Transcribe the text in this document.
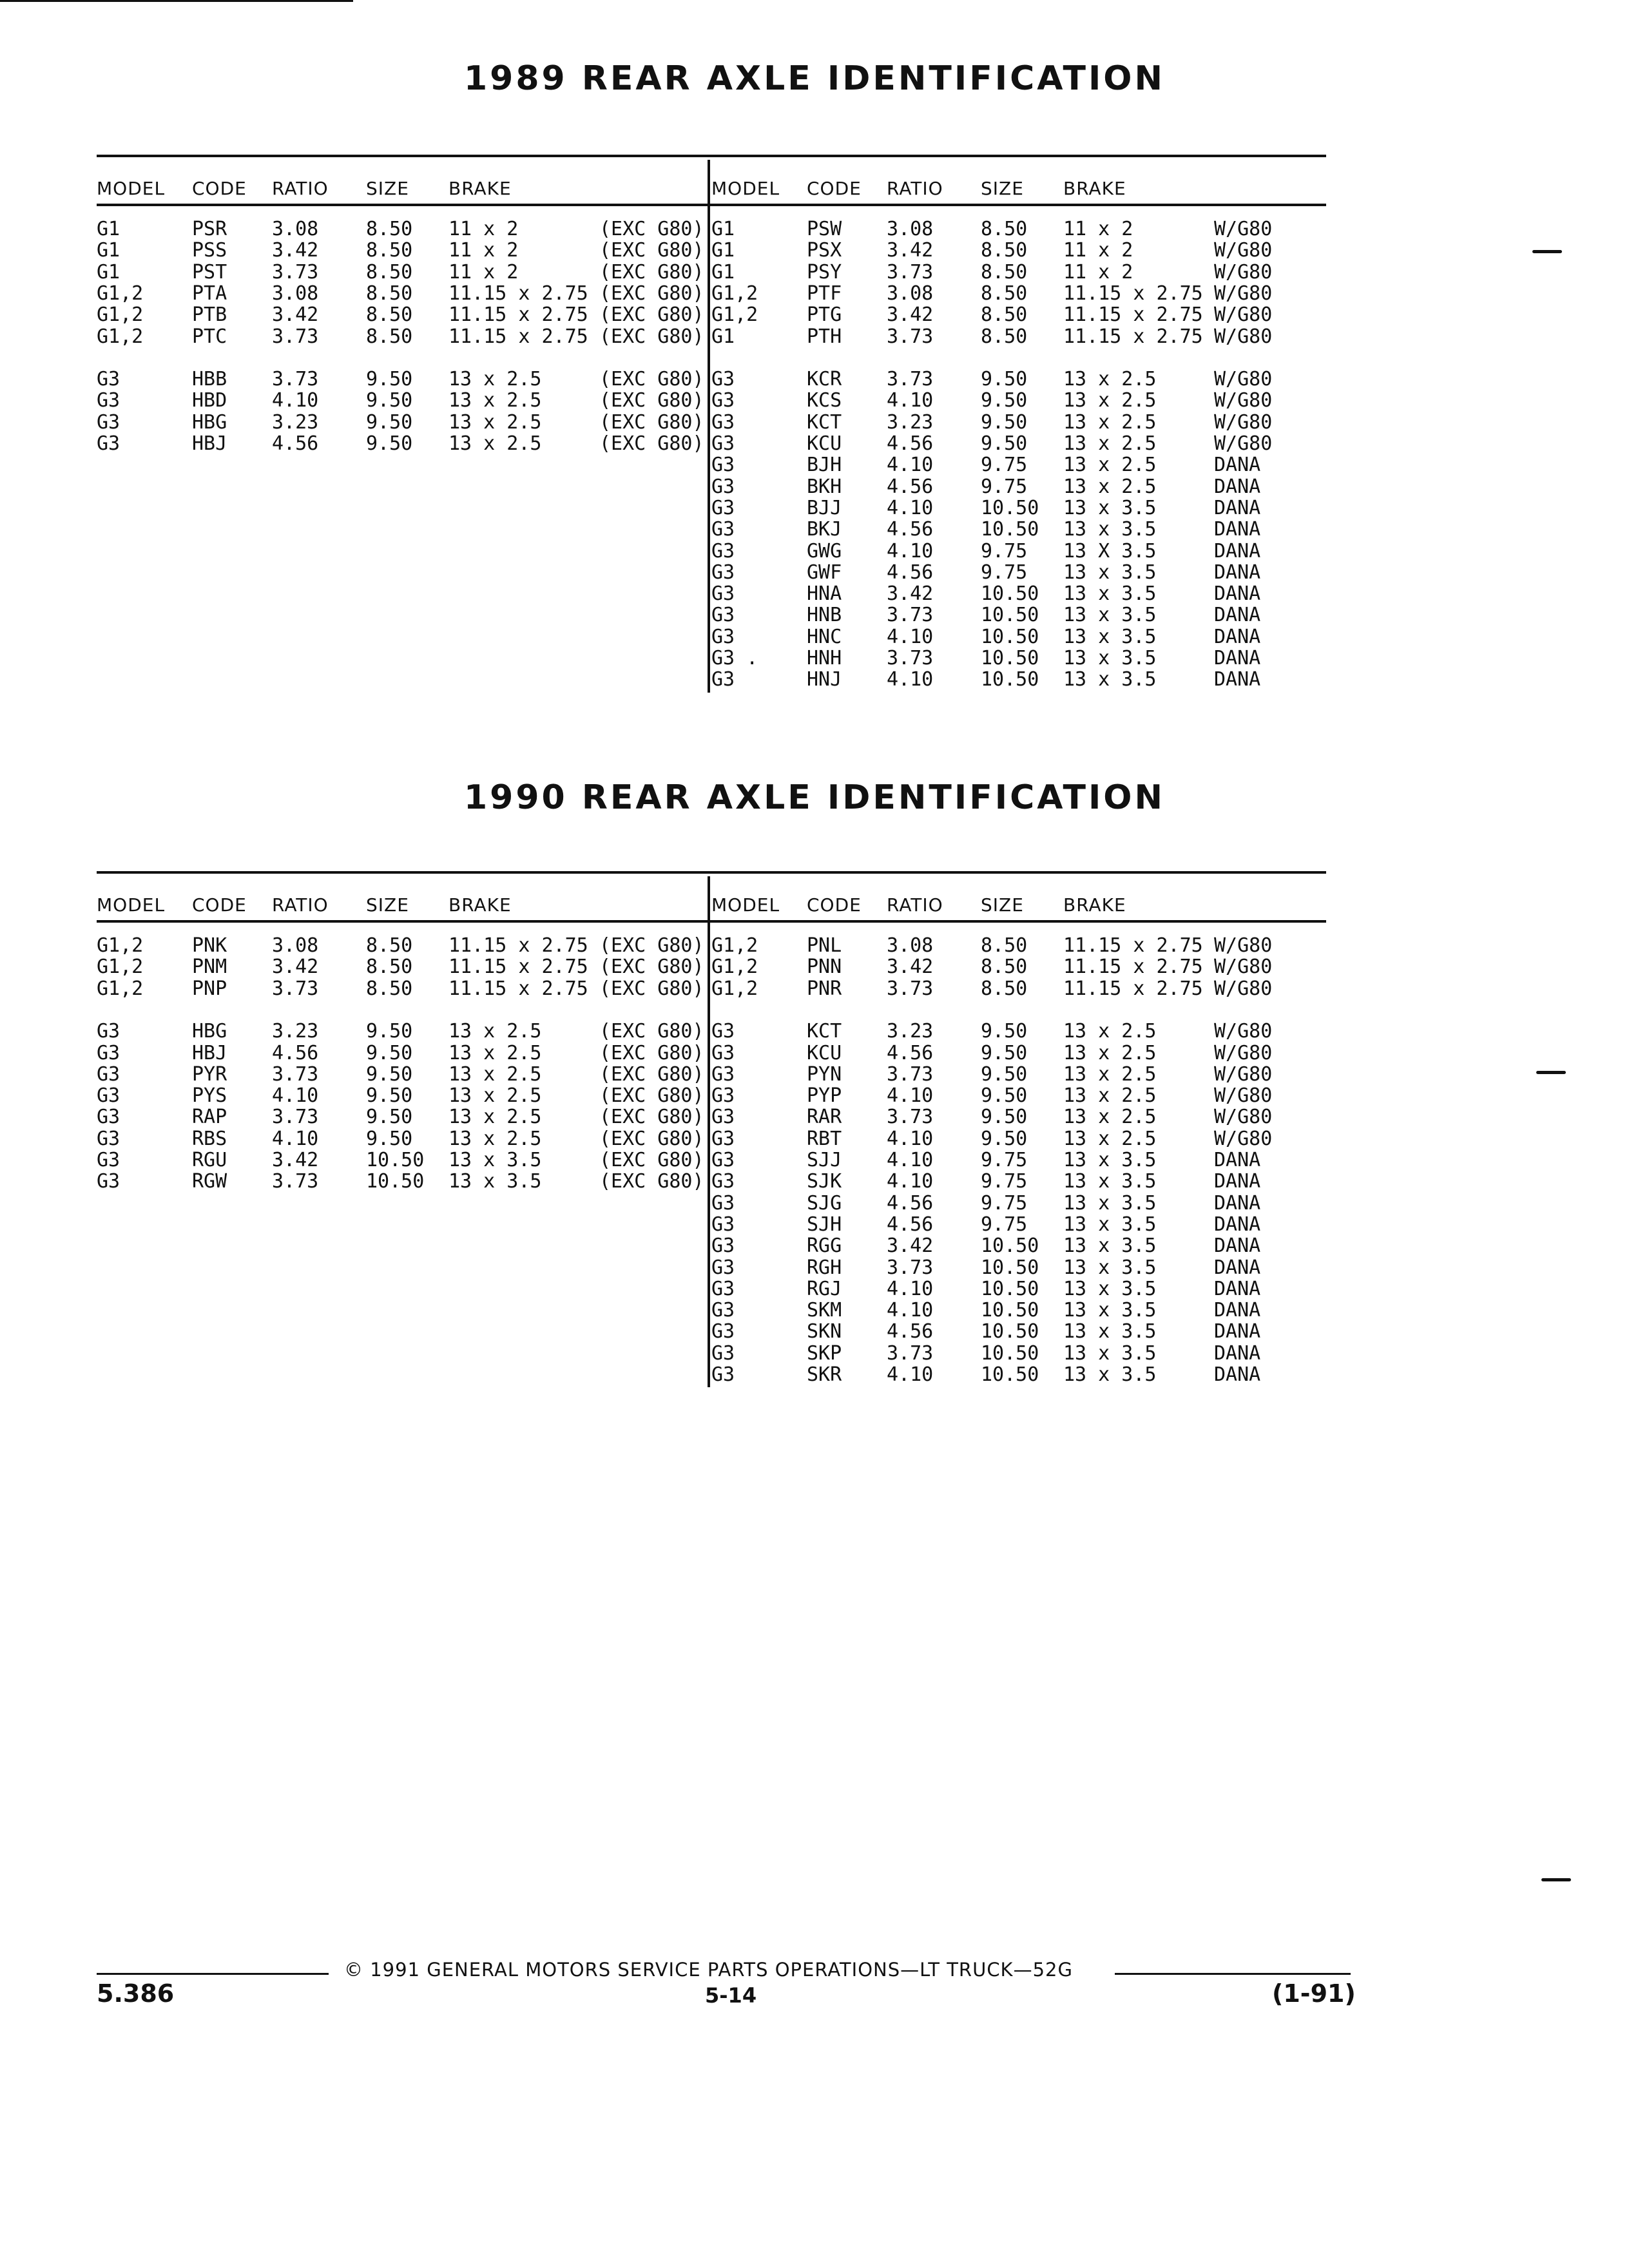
1989 REAR AXLE IDENTIFICATION
MODEL CODE RATIO SIZE BRAKE	MODEL CODE RATIO SIZE BRAKE
G1	PSR 3.08 8.50 11 x 2	(EXC G80)
G1	PSS 3.42 8.50 11 x 2	(EXC G80)
G1	PST 3.73 8.50 11 x 2	(EXC G80)
G1,2	PTA 3.08 8.50 11.15 x 2.75 (EXC G80)
G1,2	PTB 3.42 8.50 11.15 x 2.75 (EXC G80)
G1,2	PTC 3.73 8.50 11.15 x 2.75 (EXC G80)
G3	HBB 3.73 9.50 13 x 2.5	(EXC G80)
G3	HBD 4.10 9.50 13 x 2.5	(EXC G80)
G3	HBG 3.23 9.50 13 x 2.5	(EXC G80)
G3	HBJ 4.56 9.50 13 x 2.5	(EXC G80)
G1	PSW 3.08 8.50 11 x 2	W/G80
G1	PSX 3.42 8.50 11 x 2	W/G80
G1	PSY 3.73 8.50 11 x 2	W/G80
G1,2	PTF 3.08 8.50 11.15 x 2.75 W/G80
G1,2	PTG 3.42 8.50 11.15 x 2.75 W/G80
G1	PTH 3.73 8.50 11.15 x 2.75 W/G80
G3	KCR 3.73 9.50 13 x 2.5	W/G80
G3	KCS 4.10 9.50 13 x 2.5	W/G80
G3	KCT 3.23 9.50 13 x 2.5	W/G80
G3	KCU 4.56 9.50 13 x 2.5	W/G80
G3	BJH 4.10 9.75 13 x 2.5	DANA
G3	BKH 4.56 9.75 13 x 2.5	DANA
G3	BJJ 4.10 10.50 13 x 3.5	DANA
G3	BKJ 4.56 10.50 13 x 3.5	DANA
G3	GWG 4.10 9.75 13 X 3.5	DANA
G3	GWF 4.56 9.75 13 x 3.5	DANA
G3	HNA 3.42 10.50 13 x 3.5	DANA
G3	HNB 3.73 10.50 13 x 3.5	DANA
G3	HNC 4.10 10.50 13 x 3.5	DANA
G3 .	HNH 3.73 10.50 13 x 3.5	DANA
G3	HNJ 4.10 10.50 13 x 3.5	DANA
1990 REAR AXLE IDENTIFICATION
MODEL CODE RATIO SIZE BRAKE	MODEL CODE RATIO SIZE BRAKE
G1,2	PNK 3.08 8.50 11.15 x 2.75 (EXC G80)
G1,2	PNM 3.42 8.50 11.15 x 2.75 (EXC G80)
G1,2	PNP 3.73 8.50 11.15 x 2.75 (EXC G80)
G3	HBG 3.23 9.50 13 x 2.5	(EXC G80)
G3	HBJ 4.56 9.50 13 x 2.5	(EXC G80)
G3	PYR 3.73 9.50 13 x 2.5	(EXC G80)
G3	PYS 4.10 9.50 13 x 2.5	(EXC G80)
G3	RAP 3.73 9.50 13 x 2.5	(EXC G80)
G3	RBS 4.10 9.50 13 x 2.5	(EXC G80)
G3	RGU 3.42 10.50 13 x 3.5	(EXC G80)
G3	RGW 3.73 10.50 13 x 3.5	(EXC G80)
G1,2	PNL 3.08 8.50 11.15 x 2.75 W/G80
G1,2	PNN 3.42 8.50 11.15 x 2.75 W/G80
G1,2	PNR 3.73 8.50 11.15 x 2.75 W/G80
G3	KCT 3.23 9.50 13 x 2.5	W/G80
G3	KCU 4.56 9.50 13 x 2.5	W/G80
G3	PYN 3.73 9.50 13 x 2.5	W/G80
G3	PYP 4.10 9.50 13 x 2.5	W/G80
G3	RAR 3.73 9.50 13 x 2.5	W/G80
G3	RBT 4.10 9.50 13 x 2.5	W/G80
G3	SJJ 4.10 9.75 13 x 3.5	DANA
G3	SJK 4.10 9.75 13 x 3.5	DANA
G3	SJG 4.56 9.75 13 x 3.5	DANA
G3	SJH 4.56 9.75 13 x 3.5	DANA
G3	RGG 3.42 10.50 13 x 3.5	DANA
G3	RGH 3.73 10.50 13 x 3.5	DANA
G3	RGJ 4.10 10.50 13 x 3.5	DANA
G3	SKM 4.10 10.50 13 x 3.5	DANA
G3	SKN 4.56 10.50 13 x 3.5	DANA
G3	SKP 3.73 10.50 13 x 3.5	DANA
G3	SKR 4.10 10.50 13 x 3.5	DANA
© 1991 GENERAL MOTORS SERVICE PARTS OPERATIONS—LT TRUCK—52G
5.386	5-14	(1-91)
